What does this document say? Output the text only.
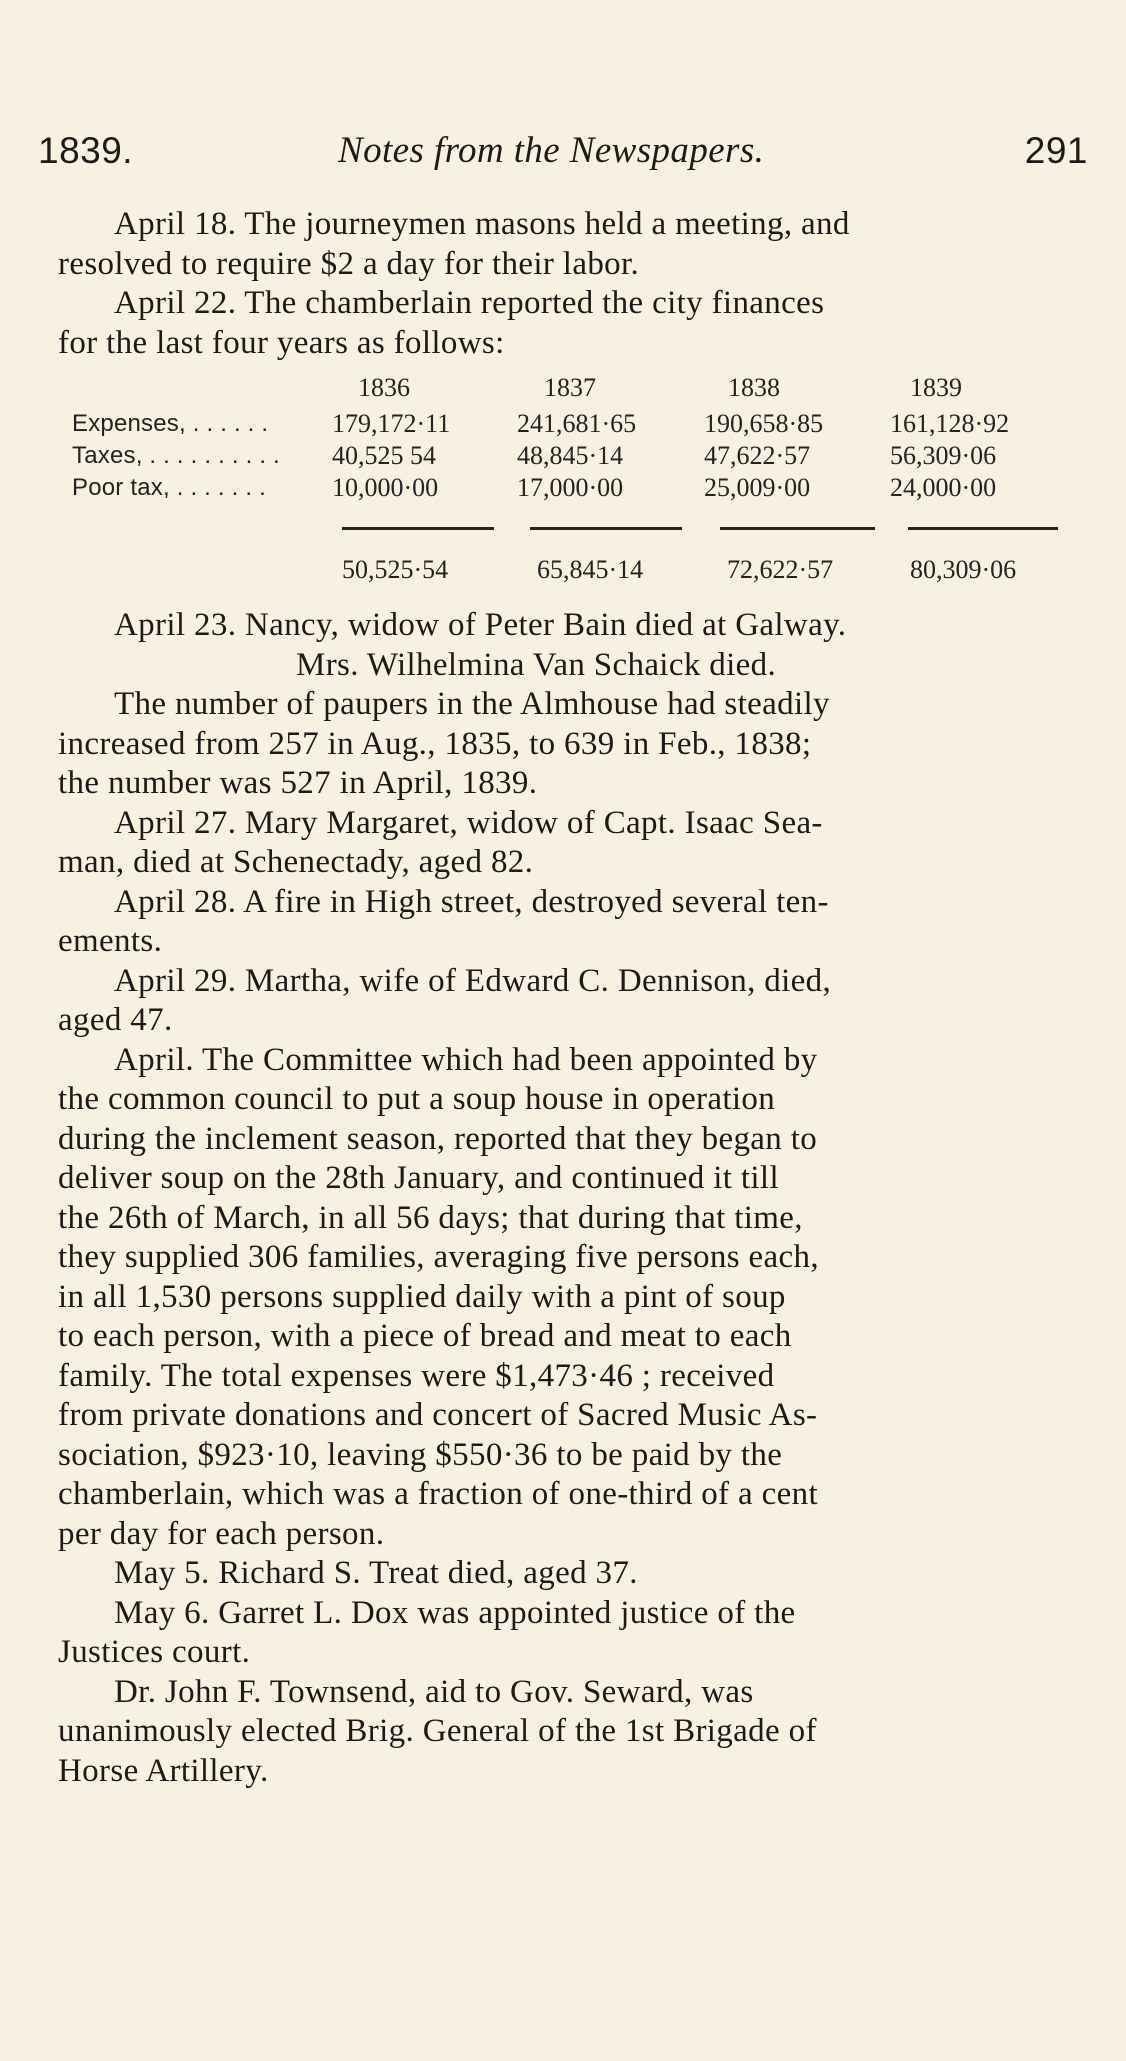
1839.	Notes from the Newspapers.	291

April 18. The journeymen masons held a meeting, and
resolved to require $2 a day for their labor.

April 22. The chamberlain reported the city finances
for the last four years as follows:

1836	1837	1838	1839
Expenses, . . . . . . 179,172·11	241,681·65	190,658·85	161,128·92
Taxes, . . . . . . . . . . 40,525 54	48,845·14	47,622·57	56,309·06
Poor tax, . . . . . . .	10,000·00	17,000·00	25,009·00	24,000·00
50,525·54	65,845·14	72,622·57	80,309·06

April 23. Nancy, widow of Peter Bain died at Galway.

Mrs. Wilhelmina Van Schaick died.

The number of paupers in the Almhouse had steadily
increased from 257 in Aug., 1835, to 639 in Feb., 1838;
the number was 527 in April, 1839.

April 27. Mary Margaret, widow of Capt. Isaac Sea-
man, died at Schenectady, aged 82.

April 28. A fire in High street, destroyed several ten-
ements.

April 29. Martha, wife of Edward C. Dennison, died,
aged 47.

April. The Committee which had been appointed by
the common council to put a soup house in operation
during the inclement season, reported that they began to
deliver soup on the 28th January, and continued it till
the 26th of March, in all 56 days; that during that time,
they supplied 306 families, averaging five persons each,
in all 1,530 persons supplied daily with a pint of soup
to each person, with a piece of bread and meat to each
family. The total expenses were $1,473·46 ; received
from private donations and concert of Sacred Music As-
sociation, $923·10, leaving $550·36 to be paid by the
chamberlain, which was a fraction of one-third of a cent
per day for each person.

May 5. Richard S. Treat died, aged 37.

May 6. Garret L. Dox was appointed justice of the
Justices court.

Dr. John F. Townsend, aid to Gov. Seward, was
unanimously elected Brig. General of the 1st Brigade of
Horse Artillery.
